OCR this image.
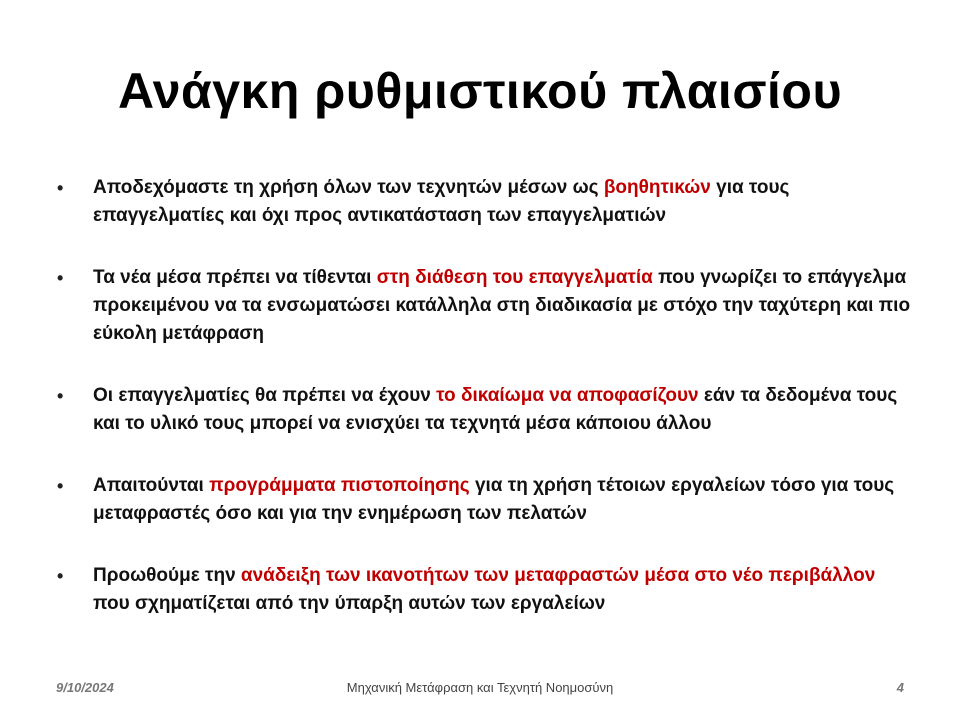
Ανάγκη ρυθμιστικού πλαισίου
• Αποδεχόμαστε τη χρήση όλων των τεχνητών μέσων ως βοηθητικών για τους επαγγελματίες και όχι προς αντικατάσταση των επαγγελματιών
• Τα νέα μέσα πρέπει να τίθενται στη διάθεση του επαγγελματία που γνωρίζει το επάγγελμα προκειμένου να τα ενσωματώσει κατάλληλα στη διαδικασία με στόχο την ταχύτερη και πιο εύκολη μετάφραση
• Οι επαγγελματίες θα πρέπει να έχουν το δικαίωμα να αποφασίζουν εάν τα δεδομένα τους και το υλικό τους μπορεί να ενισχύει τα τεχνητά μέσα κάποιου άλλου
• Απαιτούνται προγράμματα πιστοποίησης για τη χρήση τέτοιων εργαλείων τόσο για τους μεταφραστές όσο και για την ενημέρωση των πελατών
• Προωθούμε την ανάδειξη των ικανοτήτων των μεταφραστών μέσα στο νέο περιβάλλον που σχηματίζεται από την ύπαρξη αυτών των εργαλείων
9/10/2024	Μηχανική Μετάφραση και Τεχνητή Νοημοσύνη	4
